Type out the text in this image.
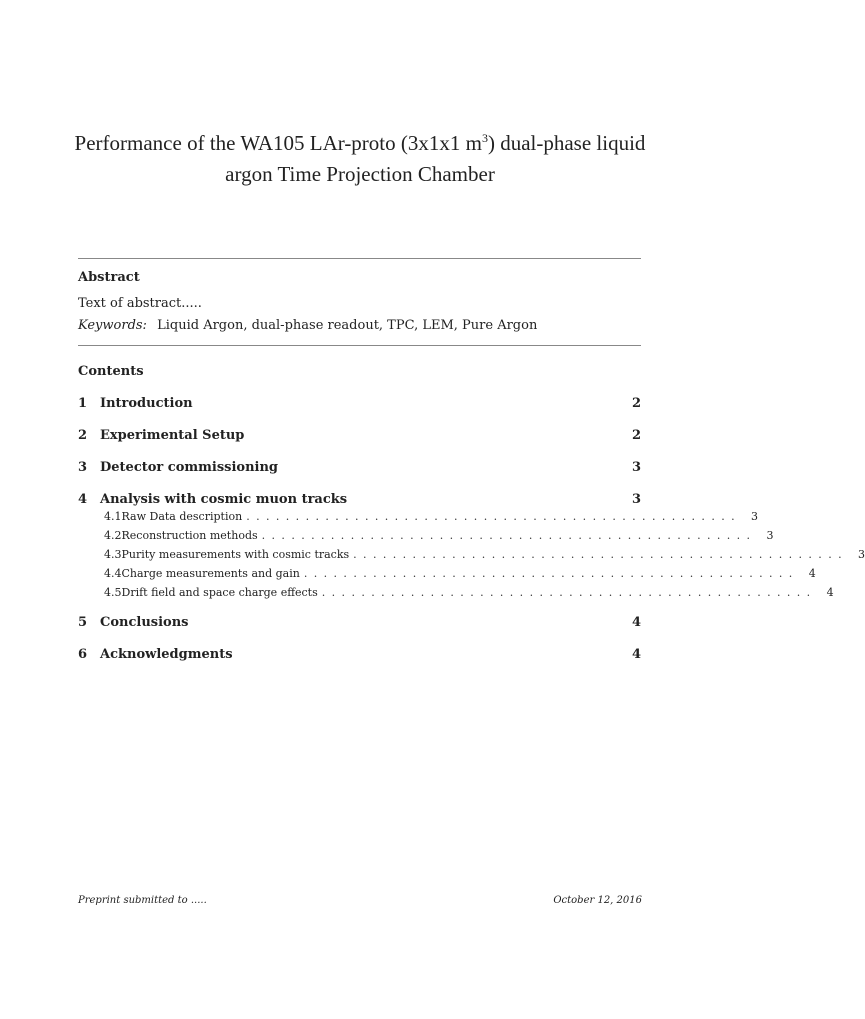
Performance of the WA105 LAr-proto (3x1x1 $m^3$) dual-phase liquid argon Time Projection Chamber
Abstract
Text of abstract.....
Keywords: Liquid Argon, dual-phase readout, TPC, LEM, Pure Argon
Contents
1 Introduction	2
2 Experimental Setup	2
3 Detector commissioning	3
4 Analysis with cosmic muon tracks	3
4.1 Raw Data description .................................................. 3
4.2 Reconstruction methods .................................................. 3
4.3 Purity measurements with cosmic tracks .................................................. 3
4.4 Charge measurements and gain .................................................. 4
4.5 Drift field and space charge effects .................................................. 4
5 Conclusions	4
6 Acknowledgments	4
Preprint submitted to .....	October 12, 2016
